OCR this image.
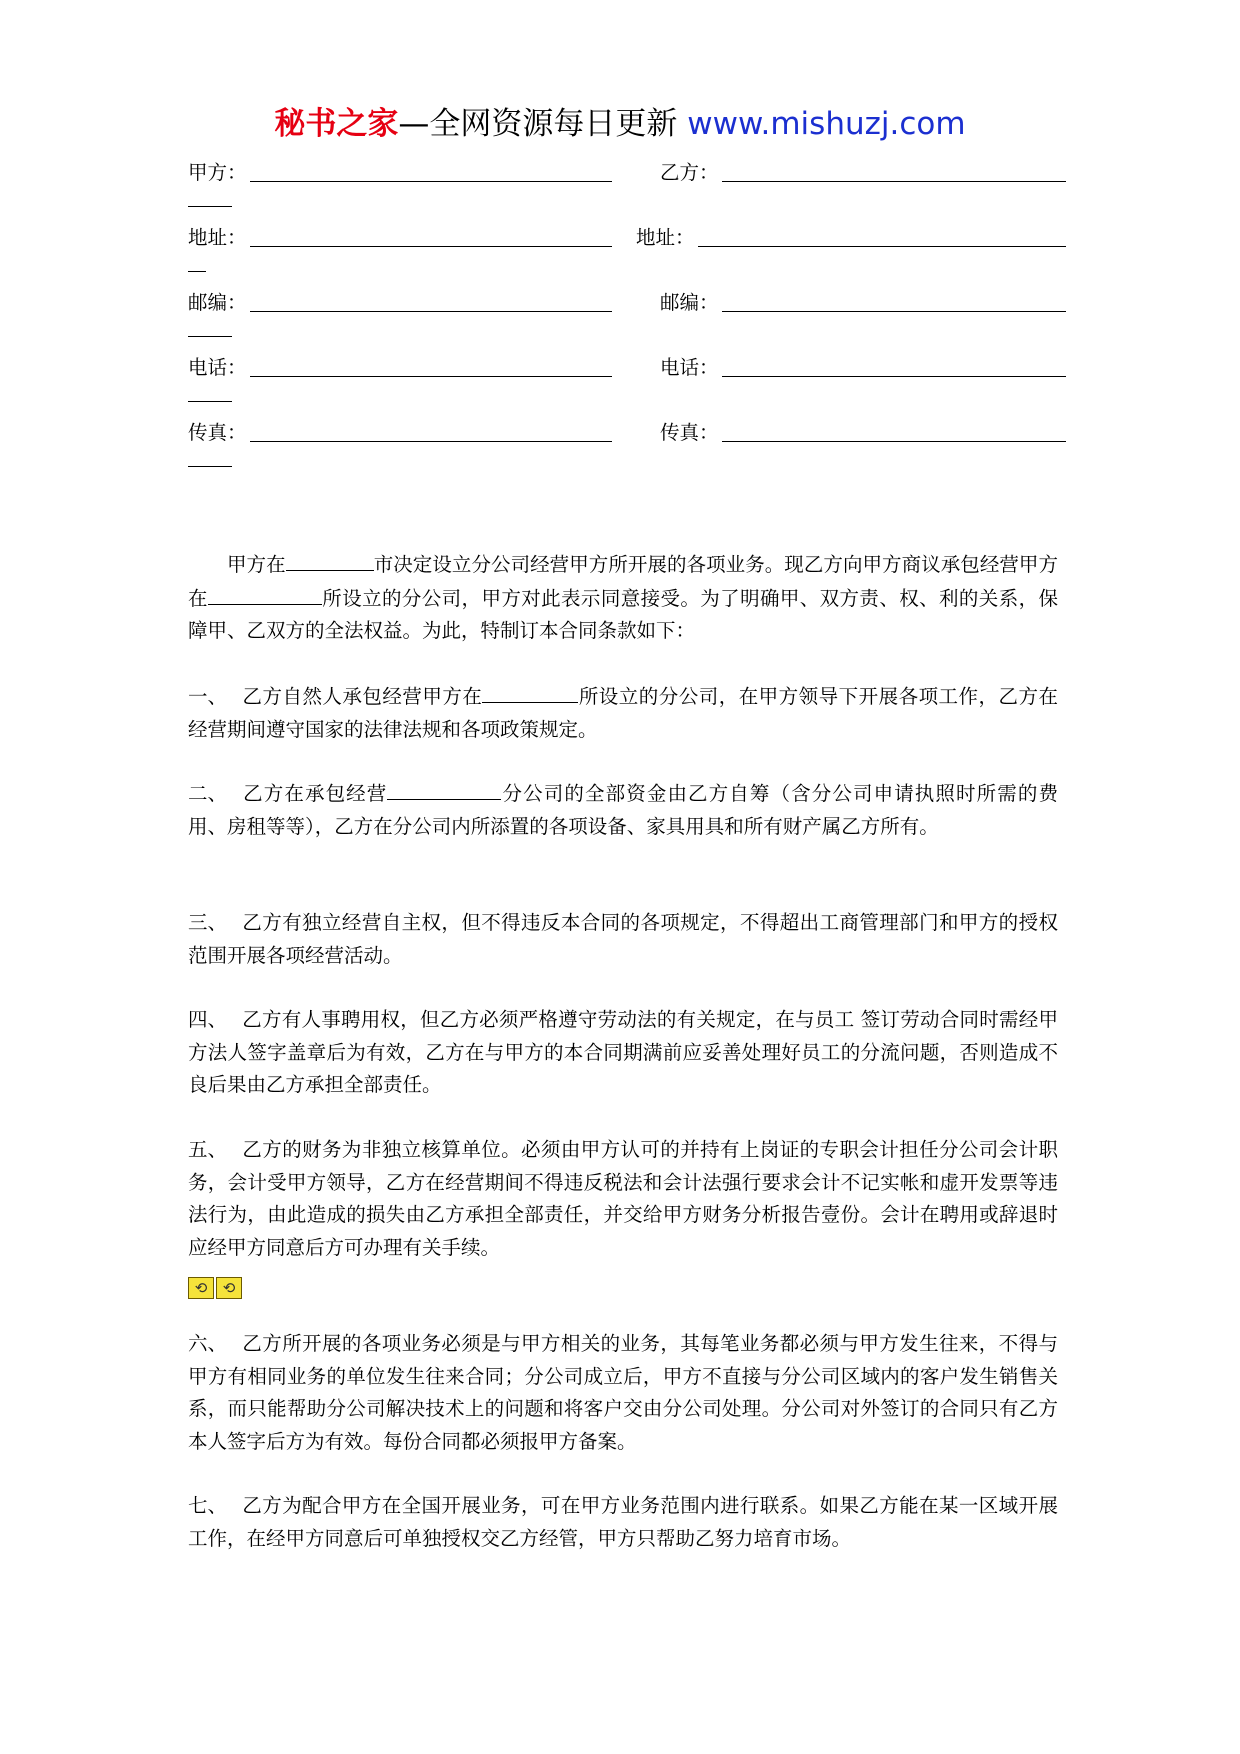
秘书之家—全网资源每日更新 www.mishuzj.com
甲方：	乙方：
地址：	地址：
邮编：	邮编：
电话：	电话：
传真：	传真：

甲方在	市决定设立分公司经营甲方所开展的各项业务。现乙方向甲方商议承包经营甲方在	所设立的分公司，甲方对此表示同意接受。为了明确甲、双方责、权、利的关系，保障甲、乙双方的全法权益。为此，特制订本合同条款如下：

一、 乙方自然人承包经营甲方在	所设立的分公司，在甲方领导下开展各项工作，乙方在经营期间遵守国家的法律法规和各项政策规定。

二、 乙方在承包经营	分公司的全部资金由乙方自筹（含分公司申请执照时所需的费用、房租等等），乙方在分公司内所添置的各项设备、家具用具和所有财产属乙方所有。

三、 乙方有独立经营自主权，但不得违反本合同的各项规定，不得超出工商管理部门和甲方的授权范围开展各项经营活动。

四、 乙方有人事聘用权，但乙方必须严格遵守劳动法的有关规定，在与员工 签订劳动合同时需经甲方法人签字盖章后为有效，乙方在与甲方的本合同期满前应妥善处理好员工的分流问题，否则造成不良后果由乙方承担全部责任。

五、 乙方的财务为非独立核算单位。必须由甲方认可的并持有上岗证的专职会计担任分公司会计职务，会计受甲方领导，乙方在经营期间不得违反税法和会计法强行要求会计不记实帐和虚开发票等违法行为，由此造成的损失由乙方承担全部责任，并交给甲方财务分析报告壹份。会计在聘用或辞退时应经甲方同意后方可办理有关手续。

⟲	⟲

六、 乙方所开展的各项业务必须是与甲方相关的业务，其每笔业务都必须与甲方发生往来，不得与甲方有相同业务的单位发生往来合同；分公司成立后，甲方不直接与分公司区域内的客户发生销售关系，而只能帮助分公司解决技术上的问题和将客户交由分公司处理。分公司对外签订的合同只有乙方本人签字后方为有效。每份合同都必须报甲方备案。

七、 乙方为配合甲方在全国开展业务，可在甲方业务范围内进行联系。如果乙方能在某一区域开展工作，在经甲方同意后可单独授权交乙方经管，甲方只帮助乙努力培育市场。
